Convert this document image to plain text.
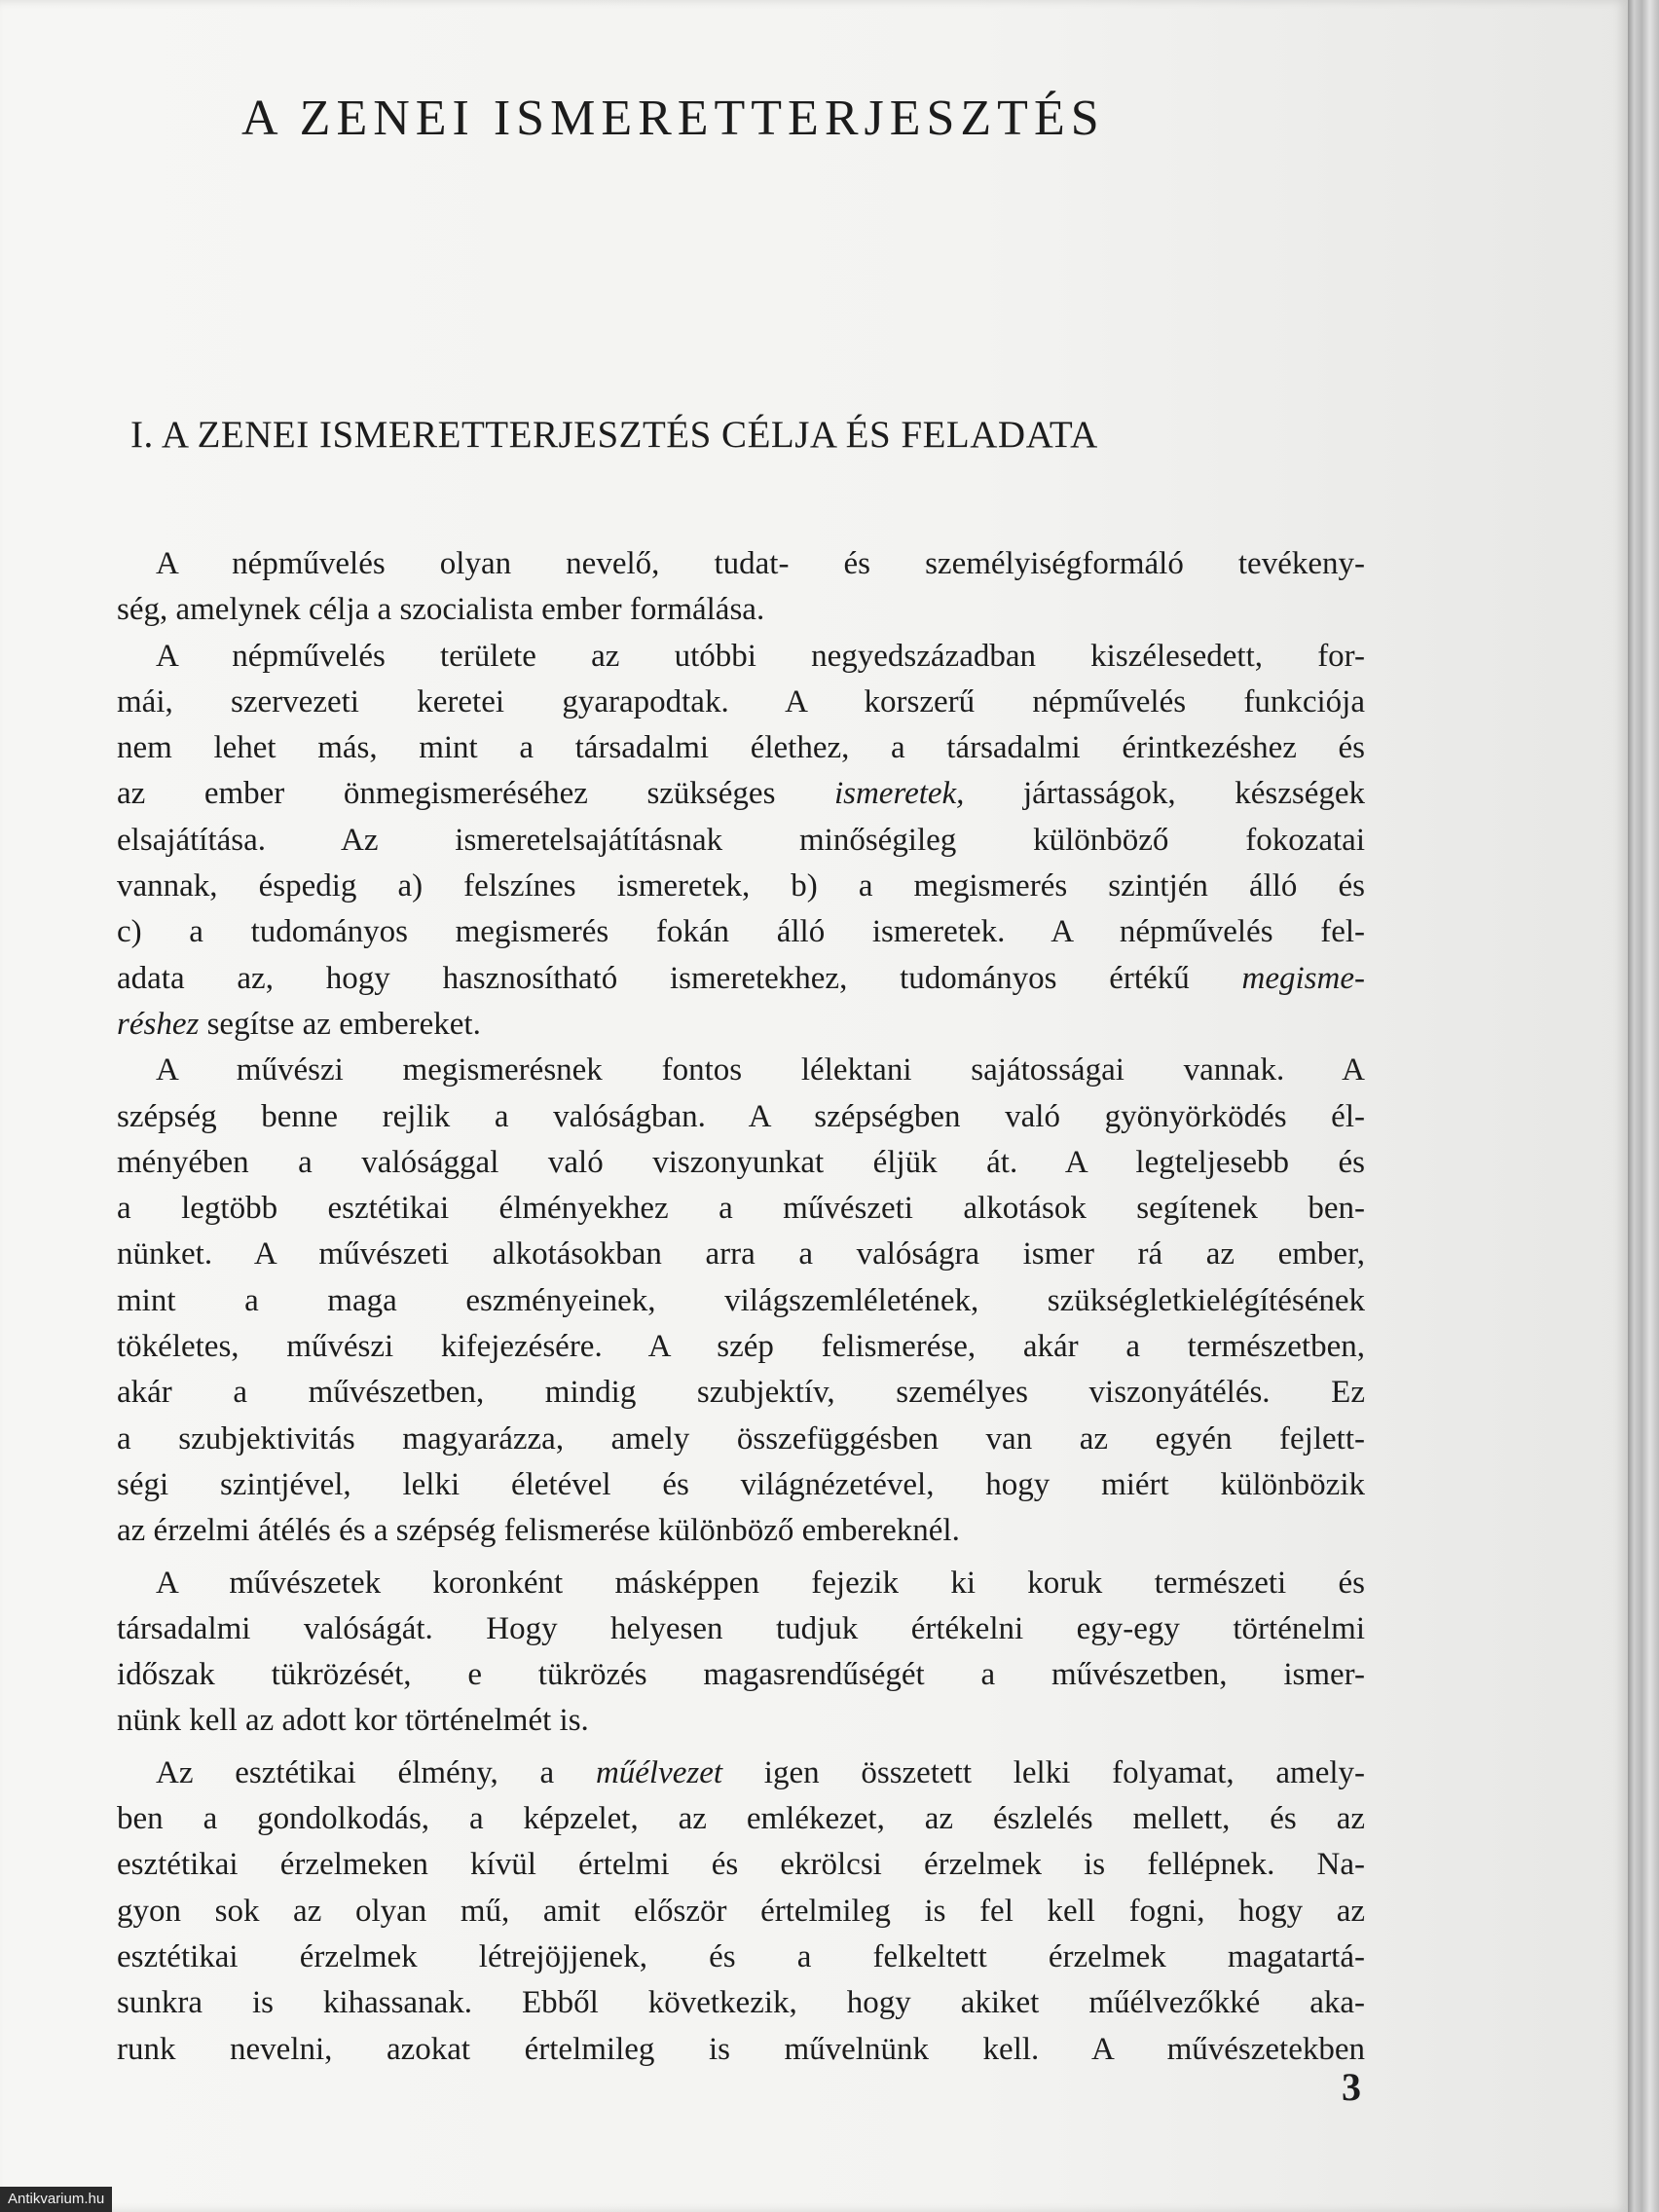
A ZENEI ISMERETTERJESZTÉS
I. A ZENEI ISMERETTERJESZTÉS CÉLJA ÉS FELADATA
A népművelés olyan nevelő, tudat- és személyiségformáló tevékeny-
ség, amelynek célja a szocialista ember formálása.
A népművelés területe az utóbbi negyedszázadban kiszélesedett, for-
mái, szervezeti keretei gyarapodtak. A korszerű népművelés funkciója
nem lehet más, mint a társadalmi élethez, a társadalmi érintkezéshez és
az ember önmegismeréséhez szükséges ismeretek, jártasságok, készségek
elsajátítása. Az ismeretelsajátításnak minőségileg különböző fokozatai
vannak, éspedig a) felszínes ismeretek, b) a megismerés szintjén álló és
c) a tudományos megismerés fokán álló ismeretek. A népművelés fel-
adata az, hogy hasznosítható ismeretekhez, tudományos értékű megisme-
réshez segítse az embereket.
A művészi megismerésnek fontos lélektani sajátosságai vannak. A
szépség benne rejlik a valóságban. A szépségben való gyönyörködés él-
ményében a valósággal való viszonyunkat éljük át. A legteljesebb és
a legtöbb esztétikai élményekhez a művészeti alkotások segítenek ben-
nünket. A művészeti alkotásokban arra a valóságra ismer rá az ember,
mint a maga eszményeinek, világszemléletének, szükségletkielégítésének
tökéletes, művészi kifejezésére. A szép felismerése, akár a természetben,
akár a művészetben, mindig szubjektív, személyes viszonyátélés. Ez
a szubjektivitás magyarázza, amely összefüggésben van az egyén fejlett-
ségi szintjével, lelki életével és világnézetével, hogy miért különbözik
az érzelmi átélés és a szépség felismerése különböző embereknél.
A művészetek koronként másképpen fejezik ki koruk természeti és
társadalmi valóságát. Hogy helyesen tudjuk értékelni egy-egy történelmi
időszak tükrözését, e tükrözés magasrendűségét a művészetben, ismer-
nünk kell az adott kor történelmét is.
Az esztétikai élmény, a műélvezet igen összetett lelki folyamat, amely-
ben a gondolkodás, a képzelet, az emlékezet, az észlelés mellett, és az
esztétikai érzelmeken kívül értelmi és ekrölcsi érzelmek is fellépnek. Na-
gyon sok az olyan mű, amit először értelmileg is fel kell fogni, hogy az
esztétikai érzelmek létrejöjjenek, és a felkeltett érzelmek magatartá-
sunkra is kihassanak. Ebből következik, hogy akiket műélvezőkké aka-
runk nevelni, azokat értelmileg is művelnünk kell. A művészetekben
3
Antikvarium.hu
